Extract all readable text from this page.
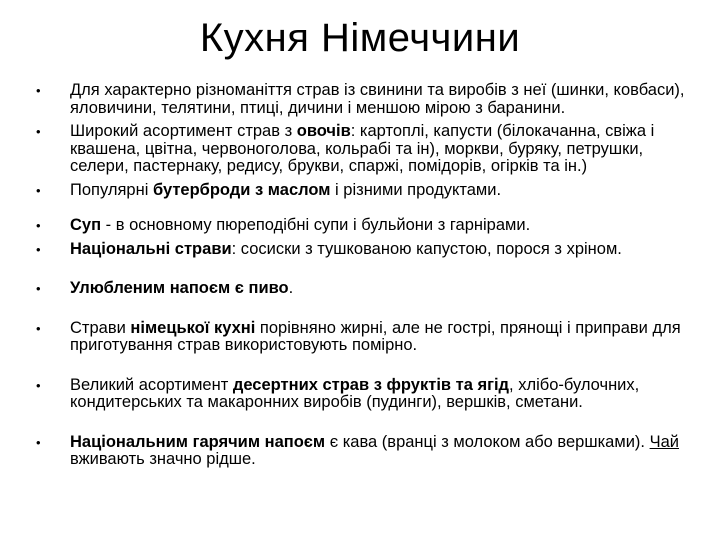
Кухня Німеччини
•	Для характерно різноманіття страв із свинини та виробів з неї (шинки, ковбаси), яловичини, телятини, птиці, дичини і меншою мірою з баранини.
•	Широкий асортимент страв з овочів: картоплі, капусти (білокачанна, свіжа і квашена, цвітна, червоноголова, кольрабі та ін), моркви, буряку, петрушки, селери, пастернаку, редису, брукви, спаржі, помідорів, огірків та ін.)
•	Популярні бутерброди з маслом і різними продуктами.
•	Суп - в основному пюреподібні супи і бульйони з гарнірами.
•	Національні страви: сосиски з тушкованою капустою, порося з хріном.
•	Улюбленим напоєм є пиво.
•	Страви німецької кухні порівняно жирні, але не гострі, прянощі і приправи для приготування страв використовують помірно.
•	Великий асортимент десертних страв з фруктів та ягід, хлібо-булочних, кондитерських та макаронних виробів (пудинги), вершків, сметани.
•	Національним гарячим напоєм є кава (вранці з молоком або вершками). Чай вживають значно рідше.
